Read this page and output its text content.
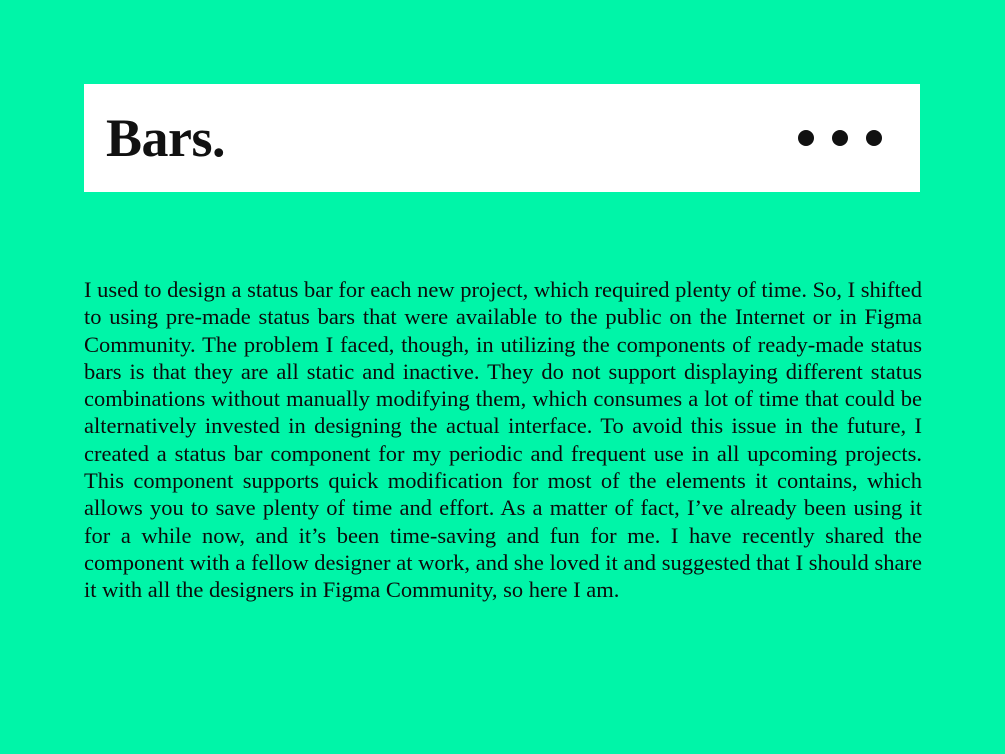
Bars.

I used to design a status bar for each new project, which required plenty of time. So, I shifted to using pre-made status bars that were available to the public on the Internet or in Figma Community. The problem I faced, though, in utilizing the components of ready-made status bars is that they are all static and inactive. They do not support displaying different status combinations without manually modifying them, which consumes a lot of time that could be alternatively invested in designing the actual interface. To avoid this issue in the future, I created a status bar component for my periodic and frequent use in all upcoming projects. This component supports quick modification for most of the elements it contains, which allows you to save plenty of time and effort. As a matter of fact, I’ve already been using it for a while now, and it’s been time-saving and fun for me. I have recently shared the component with a fellow designer at work, and she loved it and suggested that I should share it with all the designers in Figma Community, so here I am.
